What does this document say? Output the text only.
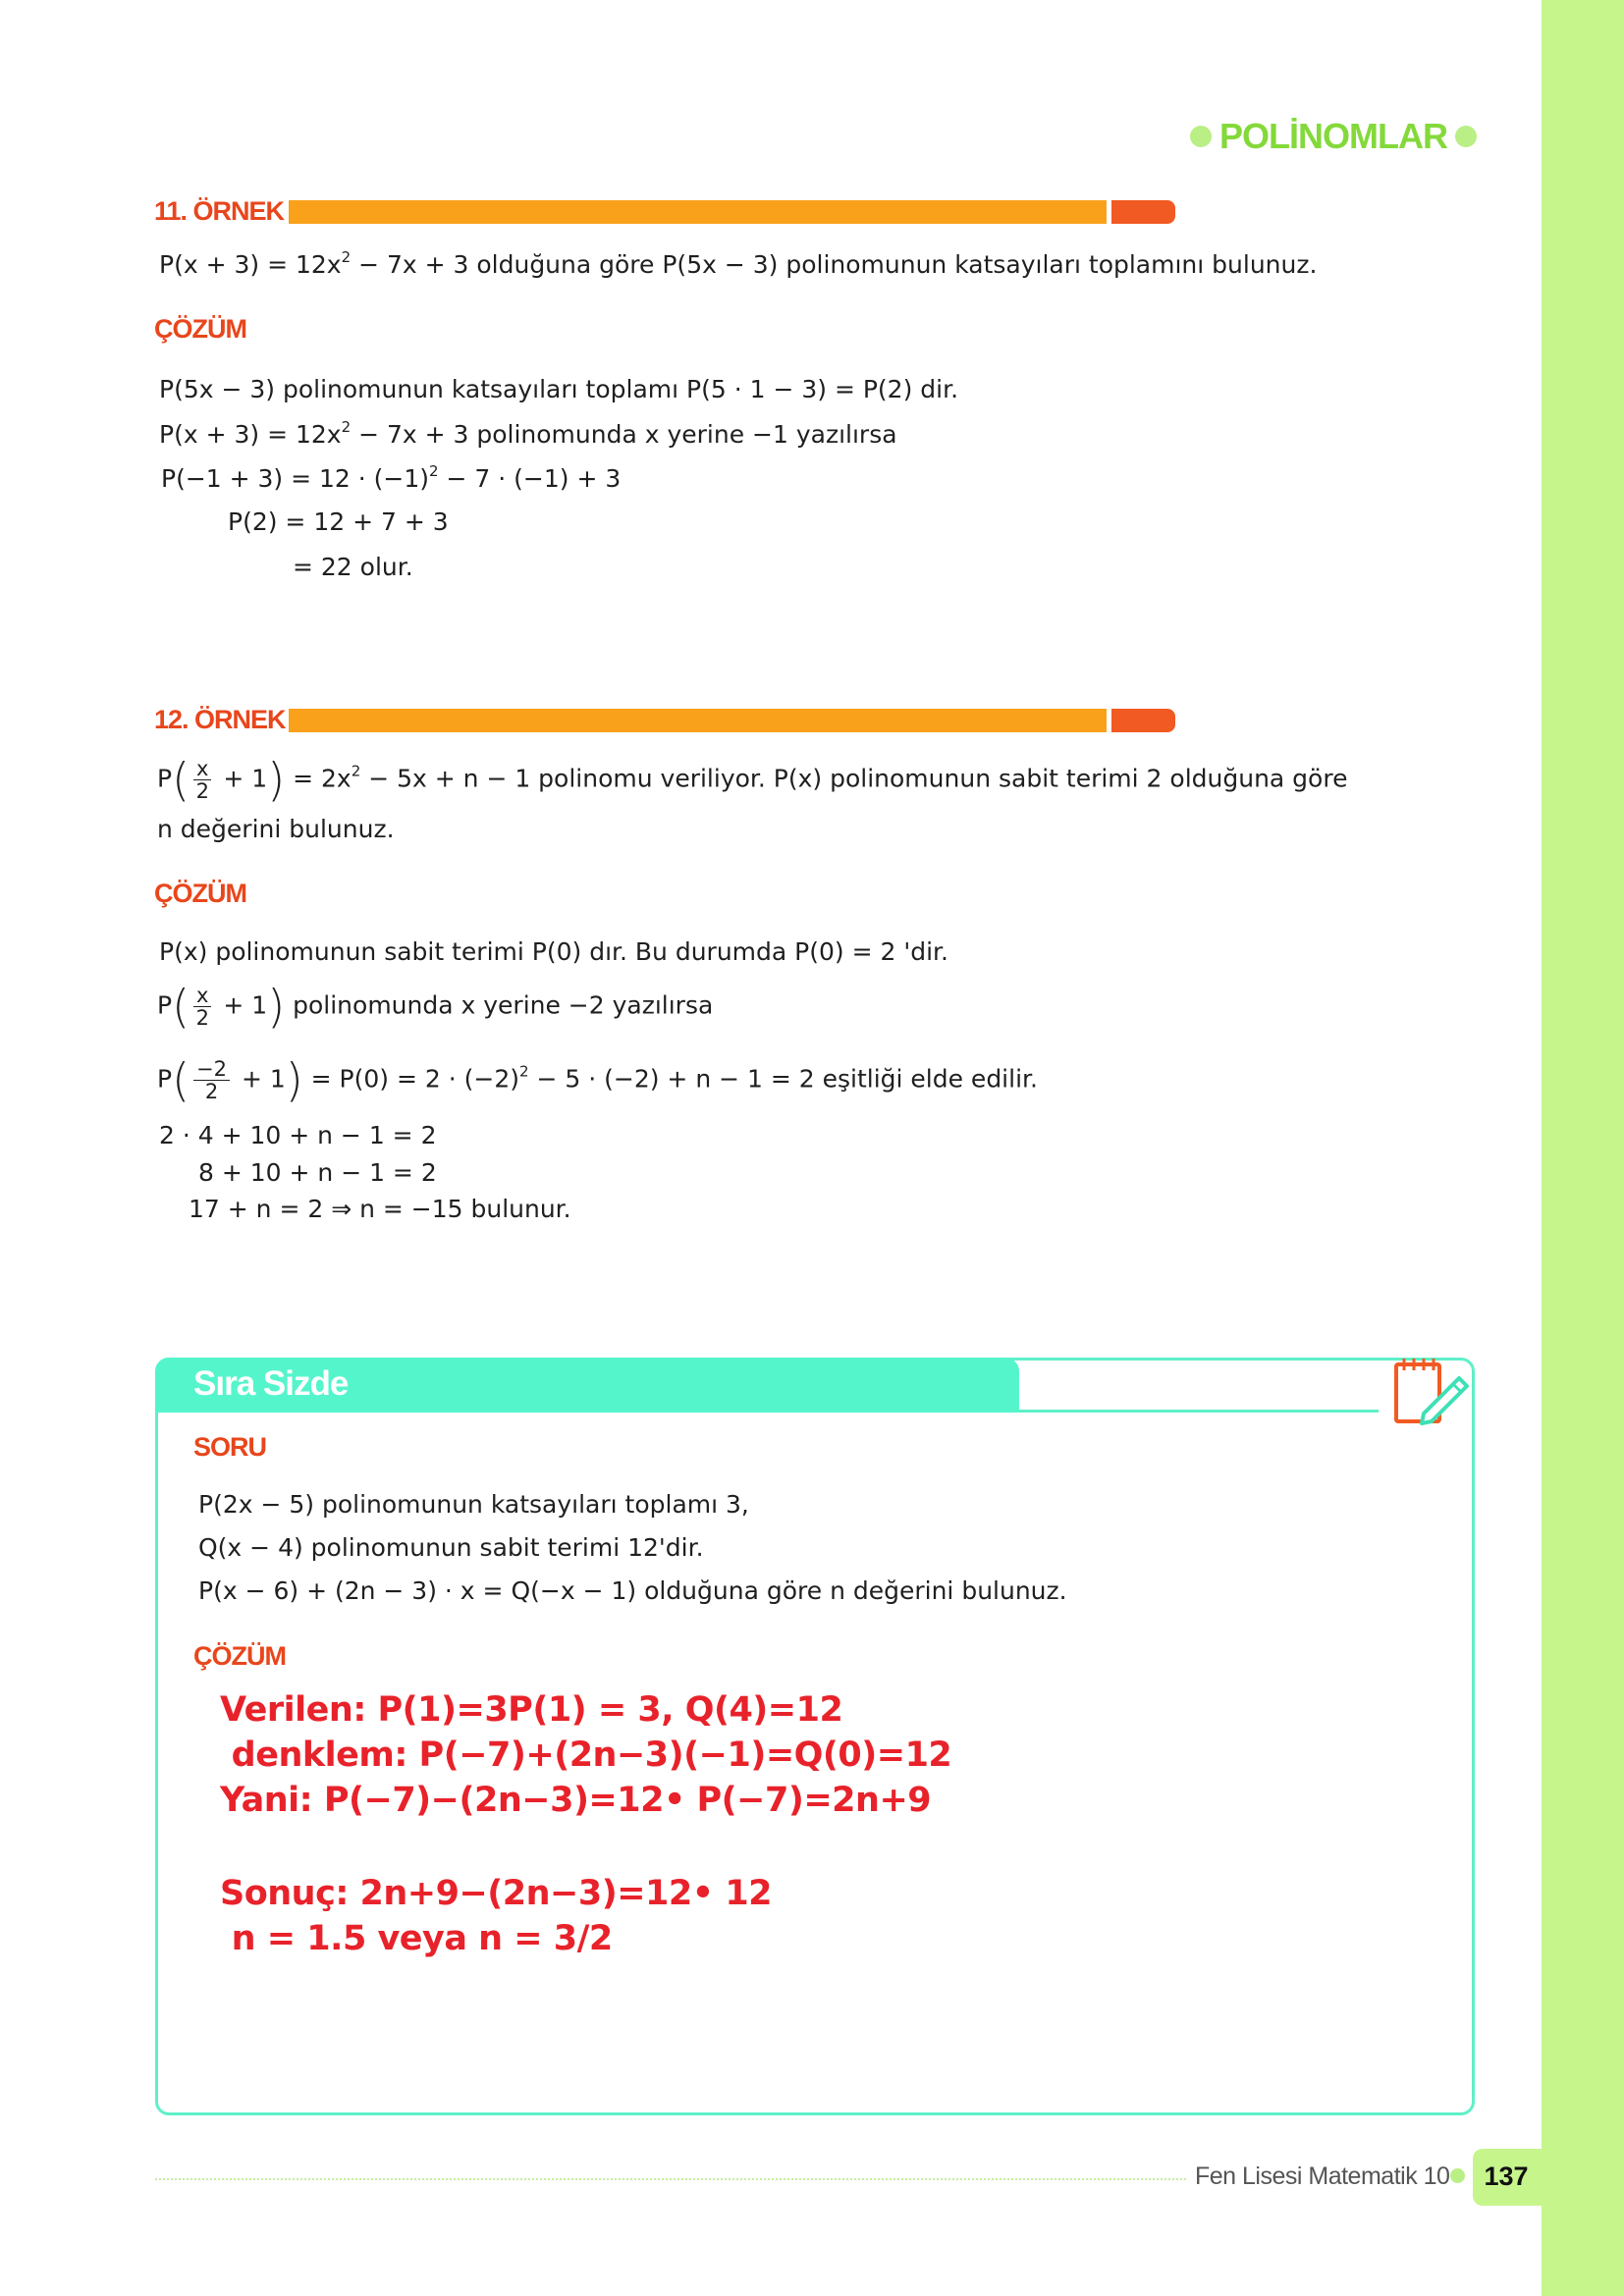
POLİNOMLAR
11. ÖRNEK
$P(x + 3) = 12x^2 - 7x + 3$ olduğuna göre P(5x − 3) polinomunun katsayıları toplamını bulunuz.
ÇÖZÜM
P(5x − 3) polinomunun katsayıları toplamı P(5 · 1 − 3) = P(2) dir.
$P(x + 3) = 12x^2 - 7x + 3$ polinomunda x yerine −1 yazılırsa
$P(-1 + 3) = 12 \cdot (-1)^2 - 7 \cdot (-1) + 3$
P(2) = 12 + 7 + 3
= 22 olur.
12. ÖRNEK
$P( \frac{x}{2} + 1) = 2x^2 - 5x + n - 1$ polinomu veriliyor. P(x) polinomunun sabit terimi 2 olduğuna göre
n değerini bulunuz.
ÇÖZÜM
P(x) polinomunun sabit terimi P(0) dır. Bu durumda P(0) = 2 'dir.
$P( \frac{x}{2} + 1)$ polinomunda x yerine −2 yazılırsa
$P( \frac{-2}{2} + 1) = P(0) = 2 \cdot (-2)^2 - 5 \cdot (-2) + n - 1 = 2$ eşitliği elde edilir.
2 · 4 + 10 + n − 1 = 2
8 + 10 + n − 1 = 2
17 + n = 2 ⇒ n = −15 bulunur.
Sıra Sizde
SORU
P(2x − 5) polinomunun katsayıları toplamı 3,
Q(x − 4) polinomunun sabit terimi 12'dir.
P(x − 6) + (2n − 3) · x = Q(−x − 1) olduğuna göre n değerini bulunuz.
ÇÖZÜM
Verilen: P(1)=3P(1) = 3, Q(4)=12
denklem: P(−7)+(2n−3)(−1)=Q(0)=12
Yani: P(−7)−(2n−3)=12• P(−7)=2n+9
Sonuç: 2n+9−(2n−3)=12• 12
n = 1.5 veya n = 3/2
Fen Lisesi Matematik 10 137
